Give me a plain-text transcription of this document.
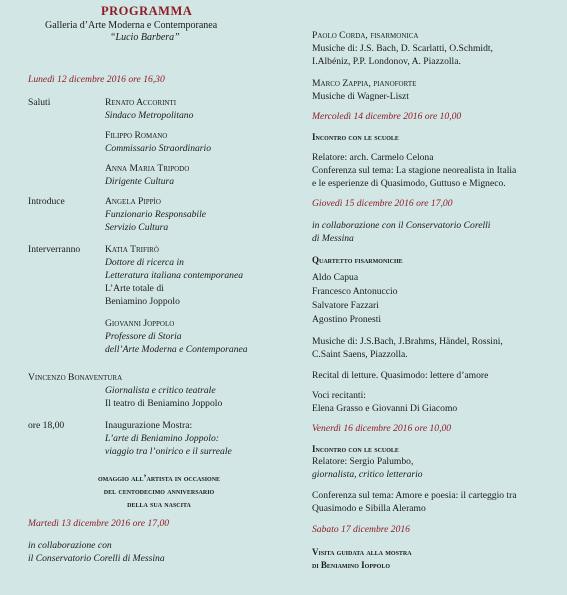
PROGRAMMA
Galleria d’Arte Moderna e Contemporanea
“Lucio Barbera”
Lunedì 12 dicembre 2016 ore 16,30
Saluti	Renato Accorinti
Sindaco Metropolitano
Filippo Romano
Commissario Straordinario
Anna Maria Tripodo
Dirigente Cultura
Introduce	Angela Pippìo
Funzionario Responsabile
Servizio Cultura
Interverranno	Katia Trifirò
Dottore di ricerca in
Letteratura italiana contemporanea
L’Arte totale di
Beniamino Joppolo
Giovanni Joppolo
Professore di Storia
dell’Arte Moderna e Contemporanea
Vincenzo Bonaventura
Giornalista e critico teatrale
Il teatro di Beniamino Joppolo
ore 18,00	Inaugurazione Mostra:
L’arte di Beniamino Joppolo:
viaggio tra l’onirico e il surreale
omaggio all’artista in occasione
del centodecimo anniversario
della sua nascita
Martedì 13 dicembre 2016 ore 17,00
in collaborazione con
il Conservatorio Corelli di Messina
Paolo Corda, fisarmonica
Musiche di: J.S. Bach, D. Scarlatti, O.Schmidt,
I.Albéniz, P.P. Londonov, A. Piazzolla.
Marco Zappia, pianoforte
Musiche di Wagner-Liszt
Mercoledì 14 dicembre 2016 ore 10,00
Incontro con le scuole
Relatore: arch. Carmelo Celona
Conferenza sul tema: La stagione neorealista in Italia
e le esperienze di Quasimodo, Guttuso e Migneco.
Giovedì 15 dicembre 2016 ore 17,00
in collaborazione con il Conservatorio Corelli
di Messina
Quartetto fisarmoniche
Aldo Capua
Francesco Antonuccio
Salvatore Fazzari
Agostino Pronesti
Musiche di: J.S.Bach, J.Brahms, Händel, Rossini,
C.Saint Saens, Piazzolla.
Recital di letture. Quasimodo: lettere d’amore
Voci recitanti:
Elena Grasso e Giovanni Di Giacomo
Venerdì 16 dicembre 2016 ore 10,00
Incontro con le scuole
Relatore: Sergio Palumbo,
giornalista, critico letterario
Conferenza sul tema: Amore e poesia: il carteggio tra
Quasimodo e Sibilla Aleramo
Sabato 17 dicembre 2016
Visita guidata alla mostra
di Beniamino Ioppolo
